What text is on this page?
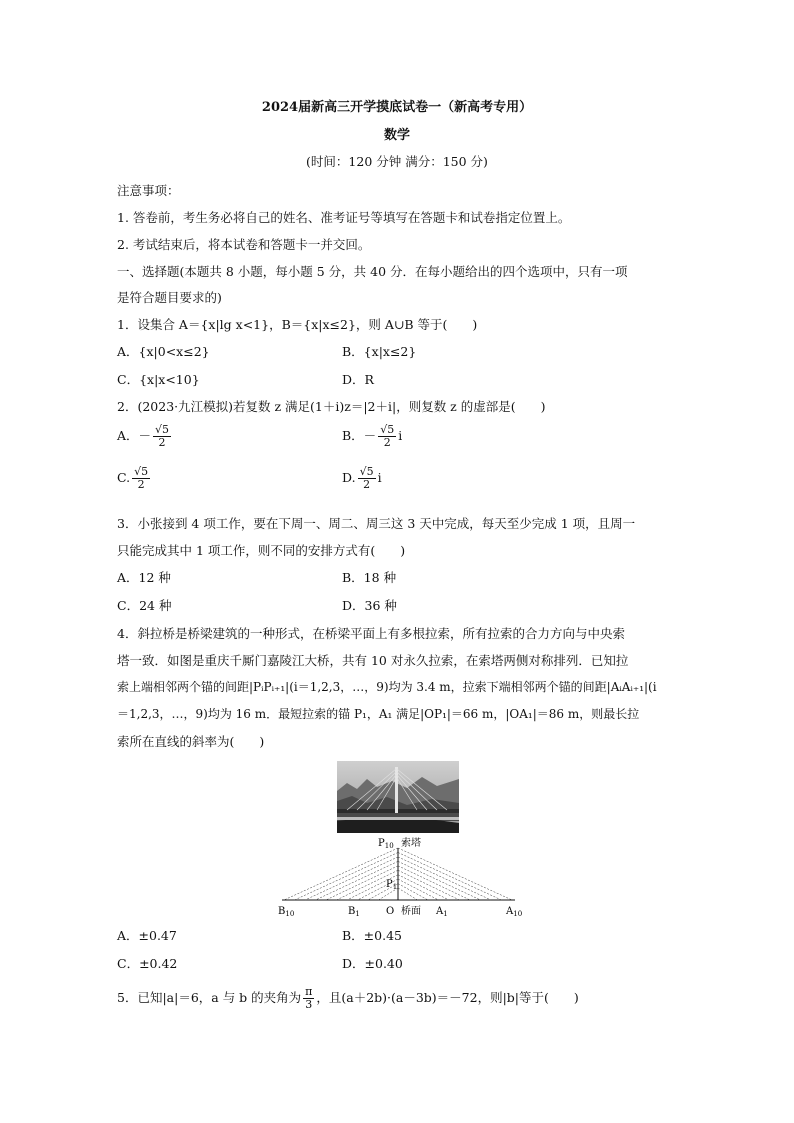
2024届新高三开学摸底试卷一（新高考专用）
数学
(时间：120 分钟 满分：150 分)
注意事项：
1. 答卷前，考生务必将自己的姓名、准考证号等填写在答题卡和试卷指定位置上。
2. 考试结束后，将本试卷和答题卡一并交回。
一、选择题(本题共 8 小题，每小题 5 分，共 40 分．在每小题给出的四个选项中，只有一项
是符合题目要求的)
1．设集合 A＝{x|lg x<1}，B＝{x|x≤2}，则 A∪B 等于(　　)
A．{x|0<x≤2}	B．{x|x≤2}
C．{x|x<10}	D．R
2．(2023·九江模拟)若复数 z 满足(1＋i)z＝|2＋i|，则复数 z 的虚部是(　　)
A．－ $\frac{√5}{2}$	B．－ $\frac{√5}{2}$ i
C. $\frac{√5}{2}$	D. $\frac{√5}{2}$ i
3．小张接到 4 项工作，要在下周一、周二、周三这 3 天中完成，每天至少完成 1 项，且周一
只能完成其中 1 项工作，则不同的安排方式有(　　)
A．12 种	B．18 种
C．24 种	D．36 种
4．斜拉桥是桥梁建筑的一种形式，在桥梁平面上有多根拉索，所有拉索的合力方向与中央索
塔一致．如图是重庆千厮门嘉陵江大桥，共有 10 对永久拉索，在索塔两侧对称排列．已知拉
索上端相邻两个锚的间距|PᵢPᵢ₊₁|(i＝1,2,3，…，9)均为 3.4 m，拉索下端相邻两个锚的间距|AᵢAᵢ₊₁|(i
＝1,2,3，…，9)均为 16 m．最短拉索的锚 P₁，A₁ 满足|OP₁|＝66 m，|OA₁|＝86 m，则最长拉
索所在直线的斜率为(　　)
$P_{10}$ 索塔
$P_1$
$B_{10}$	$B_1$	O 桥面 $A_1$	$A_{10}$
A．±0.47	B．±0.45
C．±0.42	D．±0.40
5．已知|a|＝6，a 与 b 的夹角为 $\frac{\pi}{3}$ ，且(a＋2b)·(a－3b)＝－72，则|b|等于(　　)
